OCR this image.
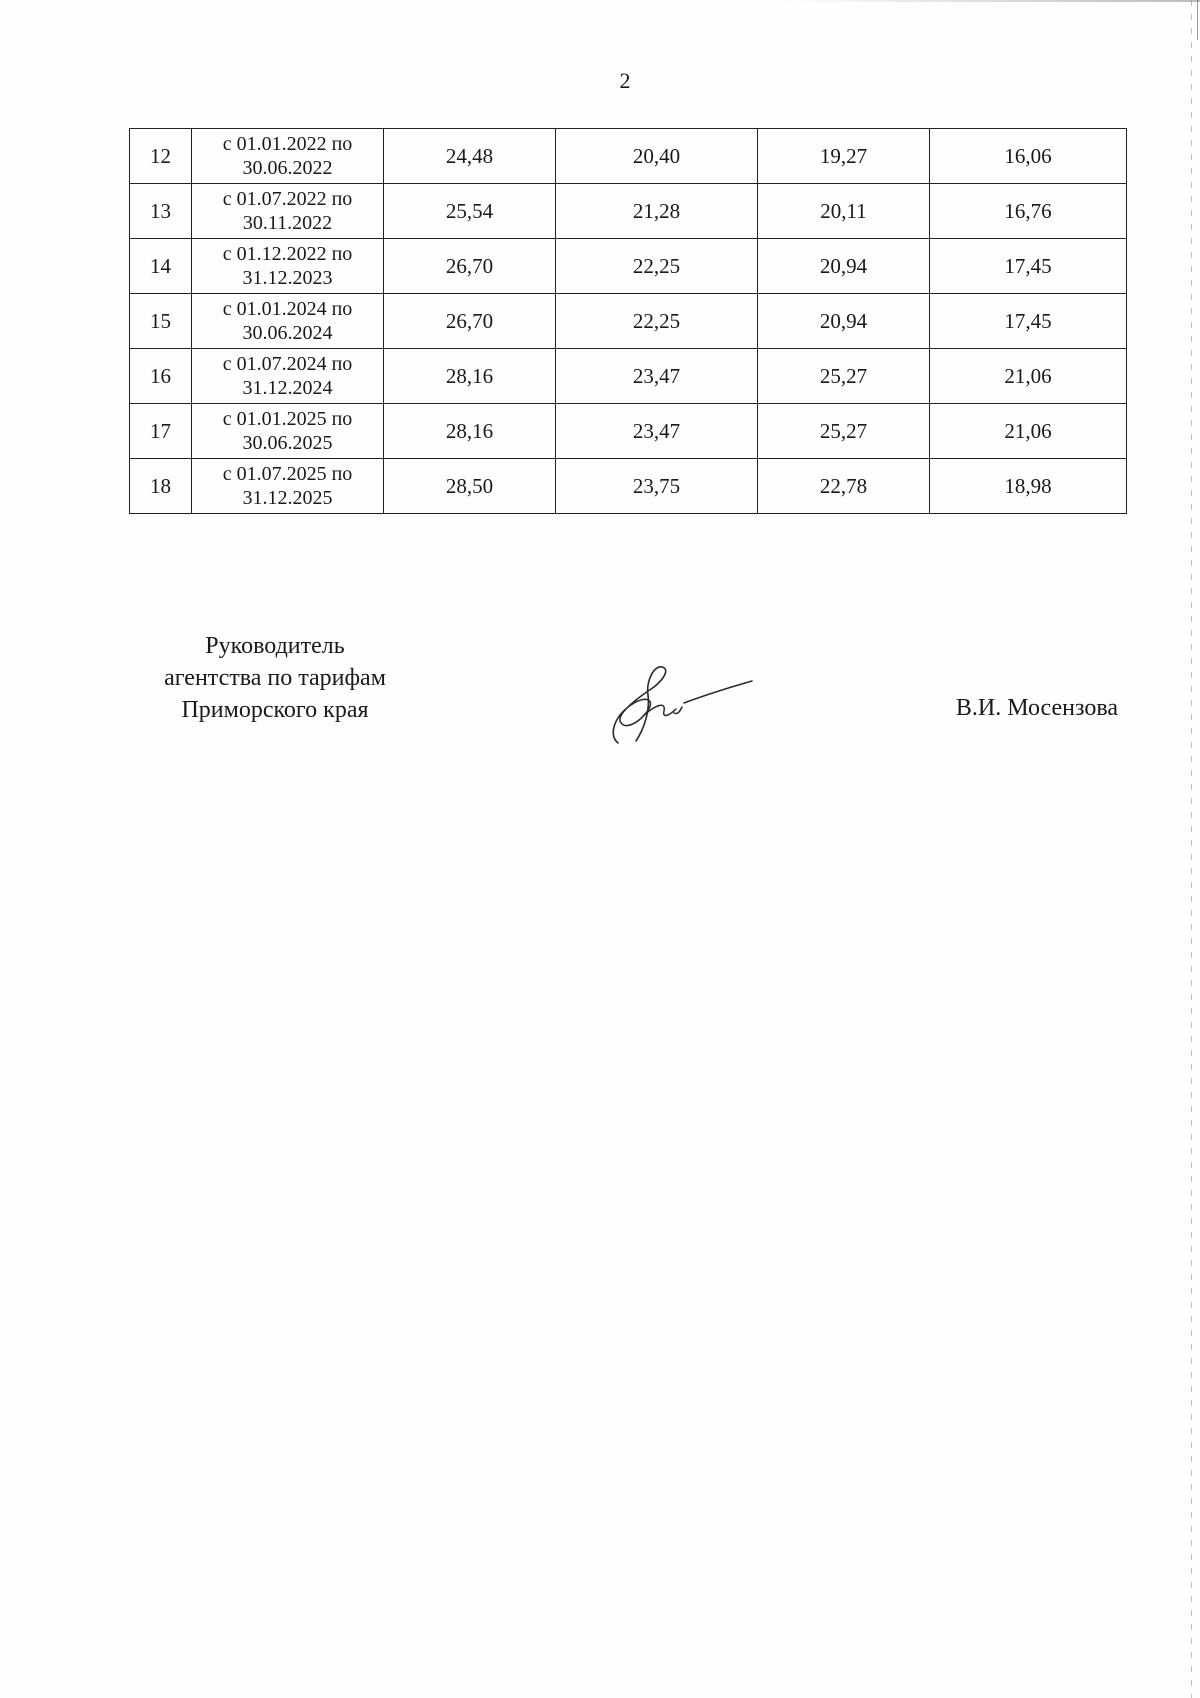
2
12	с 01.01.2022 по
30.06.2022	24,48	20,40	19,27	16,06
13	с 01.07.2022 по
30.11.2022	25,54	21,28	20,11	16,76
14	с 01.12.2022 по
31.12.2023	26,70	22,25	20,94	17,45
15	с 01.01.2024 по
30.06.2024	26,70	22,25	20,94	17,45
16	с 01.07.2024 по
31.12.2024	28,16	23,47	25,27	21,06
17	с 01.01.2025 по
30.06.2025	28,16	23,47	25,27	21,06
18	с 01.07.2025 по
31.12.2025	28,50	23,75	22,78	18,98
Руководитель
агентства по тарифам
Приморского края	В.И. Мосензова
